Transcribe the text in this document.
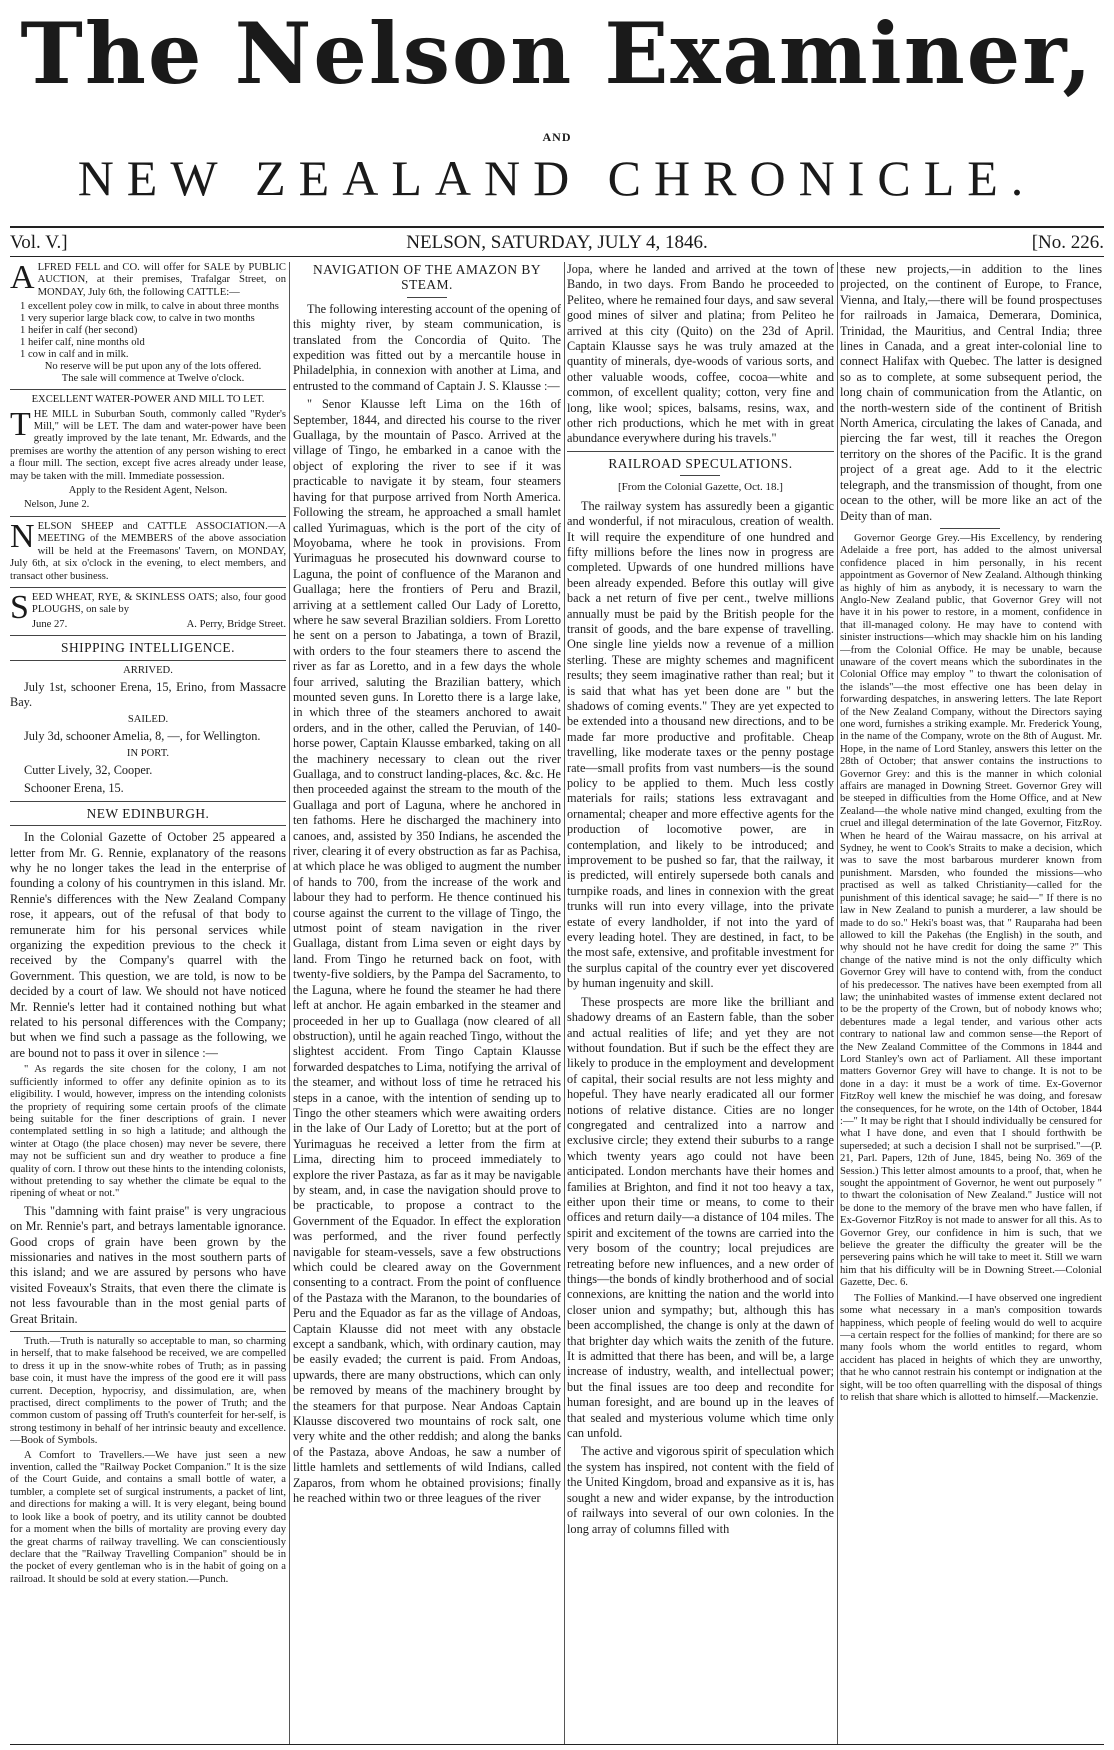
The Nelson Examiner,
AND
NEW ZEALAND CHRONICLE.
Vol. V.]	NELSON, SATURDAY, JULY 4, 1846.	[No. 226.

ALFRED FELL and CO. will offer for SALE by PUBLIC AUCTION, at their premises, Trafalgar Street, on MONDAY, July 6th, the following CATTLE:—

1 excellent poley cow in milk, to calve in about three months
1 very superior large black cow, to calve in two months
1 heifer in calf (her second)
1 heifer calf, nine months old
1 cow in calf and in milk.
No reserve will be put upon any of the lots offered.
The sale will commence at Twelve o'clock.

EXCELLENT WATER-POWER AND MILL TO LET.

THE MILL in Suburban South, commonly called "Ryder's Mill," will be LET. The dam and water-power have been greatly improved by the late tenant, Mr. Edwards, and the premises are worthy the attention of any person wishing to erect a flour mill. The section, except five acres already under lease, may be taken with the mill. Immediate possession.

Apply to the Resident Agent, Nelson.

Nelson, June 2.

NELSON SHEEP and CATTLE ASSOCIATION.—A MEETING of the MEMBERS of the above association will be held at the Freemasons' Tavern, on MONDAY, July 6th, at six o'clock in the evening, to elect members, and transact other business.

SEED WHEAT, RYE, & SKINLESS OATS; also, four good PLOUGHS, on sale by

June 27.	A. Perry, Bridge Street.

SHIPPING INTELLIGENCE.

ARRIVED.

July 1st, schooner Erena, 15, Erino, from Massacre Bay.

SAILED.

July 3d, schooner Amelia, 8, —, for Wellington.

IN PORT.

Cutter Lively, 32, Cooper.

Schooner Erena, 15.

NEW EDINBURGH.

In the Colonial Gazette of October 25 appeared a letter from Mr. G. Rennie, explanatory of the reasons why he no longer takes the lead in the enterprise of founding a colony of his countrymen in this island. Mr. Rennie's differences with the New Zealand Company rose, it appears, out of the refusal of that body to remunerate him for his personal services while organizing the expedition previous to the check it received by the Company's quarrel with the Government. This question, we are told, is now to be decided by a court of law. We should not have noticed Mr. Rennie's letter had it contained nothing but what related to his personal differences with the Company; but when we find such a passage as the following, we are bound not to pass it over in silence :—

" As regards the site chosen for the colony, I am not sufficiently informed to offer any definite opinion as to its eligibility. I would, however, impress on the intending colonists the propriety of requiring some certain proofs of the climate being suitable for the finer descriptions of grain. I never contemplated settling in so high a latitude; and although the winter at Otago (the place chosen) may never be severe, there may not be sufficient sun and dry weather to produce a fine quality of corn. I throw out these hints to the intending colonists, without pretending to say whether the climate be equal to the ripening of wheat or not."

This "damning with faint praise" is very ungracious on Mr. Rennie's part, and betrays lamentable ignorance. Good crops of grain have been grown by the missionaries and natives in the most southern parts of this island; and we are assured by persons who have visited Foveaux's Straits, that even there the climate is not less favourable than in the most genial parts of Great Britain.

Truth.—Truth is naturally so acceptable to man, so charming in herself, that to make falsehood be received, we are compelled to dress it up in the snow-white robes of Truth; as in passing base coin, it must have the impress of the good ere it will pass current. Deception, hypocrisy, and dissimulation, are, when practised, direct compliments to the power of Truth; and the common custom of passing off Truth's counterfeit for her-self, is strong testimony in behalf of her intrinsic beauty and excellence.—Book of Symbols.

A Comfort to Travellers.—We have just seen a new invention, called the "Railway Pocket Companion." It is the size of the Court Guide, and contains a small bottle of water, a tumbler, a complete set of surgical instruments, a packet of lint, and directions for making a will. It is very elegant, being bound to look like a book of poetry, and its utility cannot be doubted for a moment when the bills of mortality are proving every day the great charms of railway travelling. We can conscientiously declare that the "Railway Travelling Companion" should be in the pocket of every gentleman who is in the habit of going on a railroad. It should be sold at every station.—Punch.

NAVIGATION OF THE AMAZON BY STEAM.

The following interesting account of the opening of this mighty river, by steam communication, is translated from the Concordia of Quito. The expedition was fitted out by a mercantile house in Philadelphia, in connexion with another at Lima, and entrusted to the command of Captain J. S. Klausse :—

" Senor Klausse left Lima on the 16th of September, 1844, and directed his course to the river Guallaga, by the mountain of Pasco. Arrived at the village of Tingo, he embarked in a canoe with the object of exploring the river to see if it was practicable to navigate it by steam, four steamers having for that purpose arrived from North America. Following the stream, he approached a small hamlet called Yurimaguas, which is the port of the city of Moyobama, where he took in provisions. From Yurimaguas he prosecuted his downward course to Laguna, the point of confluence of the Maranon and Guallaga; here the frontiers of Peru and Brazil, arriving at a settlement called Our Lady of Loretto, where he saw several Brazilian soldiers. From Loretto he sent on a person to Jabatinga, a town of Brazil, with orders to the four steamers there to ascend the river as far as Loretto, and in a few days the whole four arrived, saluting the Brazilian battery, which mounted seven guns. In Loretto there is a large lake, in which three of the steamers anchored to await orders, and in the other, called the Peruvian, of 140-horse power, Captain Klausse embarked, taking on all the machinery necessary to clean out the river Guallaga, and to construct landing-places, &c. &c. He then proceeded against the stream to the mouth of the Guallaga and port of Laguna, where he anchored in ten fathoms. Here he discharged the machinery into canoes, and, assisted by 350 Indians, he ascended the river, clearing it of every obstruction as far as Pachisa, at which place he was obliged to augment the number of hands to 700, from the increase of the work and labour they had to perform. He thence continued his course against the current to the village of Tingo, the utmost point of steam navigation in the river Guallaga, distant from Lima seven or eight days by land. From Tingo he returned back on foot, with twenty-five soldiers, by the Pampa del Sacramento, to the Laguna, where he found the steamer he had there left at anchor. He again embarked in the steamer and proceeded in her up to Guallaga (now cleared of all obstruction), until he again reached Tingo, without the slightest accident. From Tingo Captain Klausse forwarded despatches to Lima, notifying the arrival of the steamer, and without loss of time he retraced his steps in a canoe, with the intention of sending up to Tingo the other steamers which were awaiting orders in the lake of Our Lady of Loretto; but at the port of Yurimaguas he received a letter from the firm at Lima, directing him to proceed immediately to explore the river Pastaza, as far as it may be navigable by steam, and, in case the navigation should prove to be practicable, to propose a contract to the Government of the Equador. In effect the exploration was performed, and the river found perfectly navigable for steam-vessels, save a few obstructions which could be cleared away on the Government consenting to a contract. From the point of confluence of the Pastaza with the Maranon, to the boundaries of Peru and the Equador as far as the village of Andoas, Captain Klausse did not meet with any obstacle except a sandbank, which, with ordinary caution, may be easily evaded; the current is paid. From Andoas, upwards, there are many obstructions, which can only be removed by means of the machinery brought by the steamers for that purpose. Near Andoas Captain Klausse discovered two mountains of rock salt, one very white and the other reddish; and along the banks of the Pastaza, above Andoas, he saw a number of little hamlets and settlements of wild Indians, called Zaparos, from whom he obtained provisions; finally he reached within two or three leagues of the river

Jopa, where he landed and arrived at the town of Bando, in two days. From Bando he proceeded to Peliteo, where he remained four days, and saw several good mines of silver and platina; from Peliteo he arrived at this city (Quito) on the 23d of April. Captain Klausse says he was truly amazed at the quantity of minerals, dye-woods of various sorts, and other valuable woods, coffee, cocoa—white and common, of excellent quality; cotton, very fine and long, like wool; spices, balsams, resins, wax, and other rich productions, which he met with in great abundance everywhere during his travels."

RAILROAD SPECULATIONS.

[From the Colonial Gazette, Oct. 18.]

The railway system has assuredly been a gigantic and wonderful, if not miraculous, creation of wealth. It will require the expenditure of one hundred and fifty millions before the lines now in progress are completed. Upwards of one hundred millions have been already expended. Before this outlay will give back a net return of five per cent., twelve millions annually must be paid by the British people for the transit of goods, and the bare expense of travelling. One single line yields now a revenue of a million sterling. These are mighty schemes and magnificent results; they seem imaginative rather than real; but it is said that what has yet been done are " but the shadows of coming events." They are yet expected to be extended into a thousand new directions, and to be made far more productive and profitable. Cheap travelling, like moderate taxes or the penny postage rate—small profits from vast numbers—is the sound policy to be applied to them. Much less costly materials for rails; stations less extravagant and ornamental; cheaper and more effective agents for the production of locomotive power, are in contemplation, and likely to be introduced; and improvement to be pushed so far, that the railway, it is predicted, will entirely supersede both canals and turnpike roads, and lines in connexion with the great trunks will run into every village, into the private estate of every landholder, if not into the yard of every leading hotel. They are destined, in fact, to be the most safe, extensive, and profitable investment for the surplus capital of the country ever yet discovered by human ingenuity and skill.

These prospects are more like the brilliant and shadowy dreams of an Eastern fable, than the sober and actual realities of life; and yet they are not without foundation. But if such be the effect they are likely to produce in the employment and development of capital, their social results are not less mighty and hopeful. They have nearly eradicated all our former notions of relative distance. Cities are no longer congregated and centralized into a narrow and exclusive circle; they extend their suburbs to a range which twenty years ago could not have been anticipated. London merchants have their homes and families at Brighton, and find it not too heavy a tax, either upon their time or means, to come to their offices and return daily—a distance of 104 miles. The spirit and excitement of the towns are carried into the very bosom of the country; local prejudices are retreating before new influences, and a new order of things—the bonds of kindly brotherhood and of social connexions, are knitting the nation and the world into closer union and sympathy; but, although this has been accomplished, the change is only at the dawn of that brighter day which waits the zenith of the future. It is admitted that there has been, and will be, a large increase of industry, wealth, and intellectual power; but the final issues are too deep and recondite for human foresight, and are bound up in the leaves of that sealed and mysterious volume which time only can unfold.

The active and vigorous spirit of speculation which the system has inspired, not content with the field of the United Kingdom, broad and expansive as it is, has sought a new and wider expanse, by the introduction of railways into several of our own colonies. In the long array of columns filled with

these new projects,—in addition to the lines projected, on the continent of Europe, to France, Vienna, and Italy,—there will be found prospectuses for railroads in Jamaica, Demerara, Dominica, Trinidad, the Mauritius, and Central India; three lines in Canada, and a great inter-colonial line to connect Halifax with Quebec. The latter is designed so as to complete, at some subsequent period, the long chain of communication from the Atlantic, on the north-western side of the continent of British North America, circulating the lakes of Canada, and piercing the far west, till it reaches the Oregon territory on the shores of the Pacific. It is the grand project of a great age. Add to it the electric telegraph, and the transmission of thought, from one ocean to the other, will be more like an act of the Deity than of man.

Governor George Grey.—His Excellency, by rendering Adelaide a free port, has added to the almost universal confidence placed in him personally, in his recent appointment as Governor of New Zealand. Although thinking as highly of him as anybody, it is necessary to warn the Anglo-New Zealand public, that Governor Grey will not have it in his power to restore, in a moment, confidence in that ill-managed colony. He may have to contend with sinister instructions—which may shackle him on his landing—from the Colonial Office. He may be unable, because unaware of the covert means which the subordinates in the Colonial Office may employ " to thwart the colonisation of the islands"—the most effective one has been delay in forwarding despatches, in answering letters. The late Report of the New Zealand Company, without the Directors saying one word, furnishes a striking example. Mr. Frederick Young, in the name of the Company, wrote on the 8th of August. Mr. Hope, in the name of Lord Stanley, answers this letter on the 28th of October; that answer contains the instructions to Governor Grey: and this is the manner in which colonial affairs are managed in Downing Street. Governor Grey will be steeped in difficulties from the Home Office, and at New Zealand—the whole native mind changed, exulting from the cruel and illegal determination of the late Governor, FitzRoy. When he heard of the Wairau massacre, on his arrival at Sydney, he went to Cook's Straits to make a decision, which was to save the most barbarous murderer known from punishment. Marsden, who founded the missions—who practised as well as talked Christianity—called for the punishment of this identical savage; he said—" If there is no law in New Zealand to punish a murderer, a law should be made to do so." Heki's boast was, that " Rauparaha had been allowed to kill the Pakehas (the English) in the south, and why should not he have credit for doing the same ?" This change of the native mind is not the only difficulty which Governor Grey will have to contend with, from the conduct of his predecessor. The natives have been exempted from all law; the uninhabited wastes of immense extent declared not to be the property of the Crown, but of nobody knows who; debentures made a legal tender, and various other acts contrary to national law and common sense—the Report of the New Zealand Committee of the Commons in 1844 and Lord Stanley's own act of Parliament. All these important matters Governor Grey will have to change. It is not to be done in a day: it must be a work of time. Ex-Governor FitzRoy well knew the mischief he was doing, and foresaw the consequences, for he wrote, on the 14th of October, 1844 :—" It may be right that I should individually be censured for what I have done, and even that I should forthwith be superseded; at such a decision I shall not be surprised."—(P. 21, Parl. Papers, 12th of June, 1845, being No. 369 of the Session.) This letter almost amounts to a proof, that, when he sought the appointment of Governor, he went out purposely " to thwart the colonisation of New Zealand." Justice will not be done to the memory of the brave men who have fallen, if Ex-Governor FitzRoy is not made to answer for all this. As to Governor Grey, our confidence in him is such, that we believe the greater the difficulty the greater will be the persevering pains which he will take to meet it. Still we warn him that his difficulty will be in Downing Street.—Colonial Gazette, Dec. 6.

The Follies of Mankind.—I have observed one ingredient some what necessary in a man's composition towards happiness, which people of feeling would do well to acquire—a certain respect for the follies of mankind; for there are so many fools whom the world entitles to regard, whom accident has placed in heights of which they are unworthy, that he who cannot restrain his contempt or indignation at the sight, will be too often quarrelling with the disposal of things to relish that share which is allotted to himself.—Mackenzie.
